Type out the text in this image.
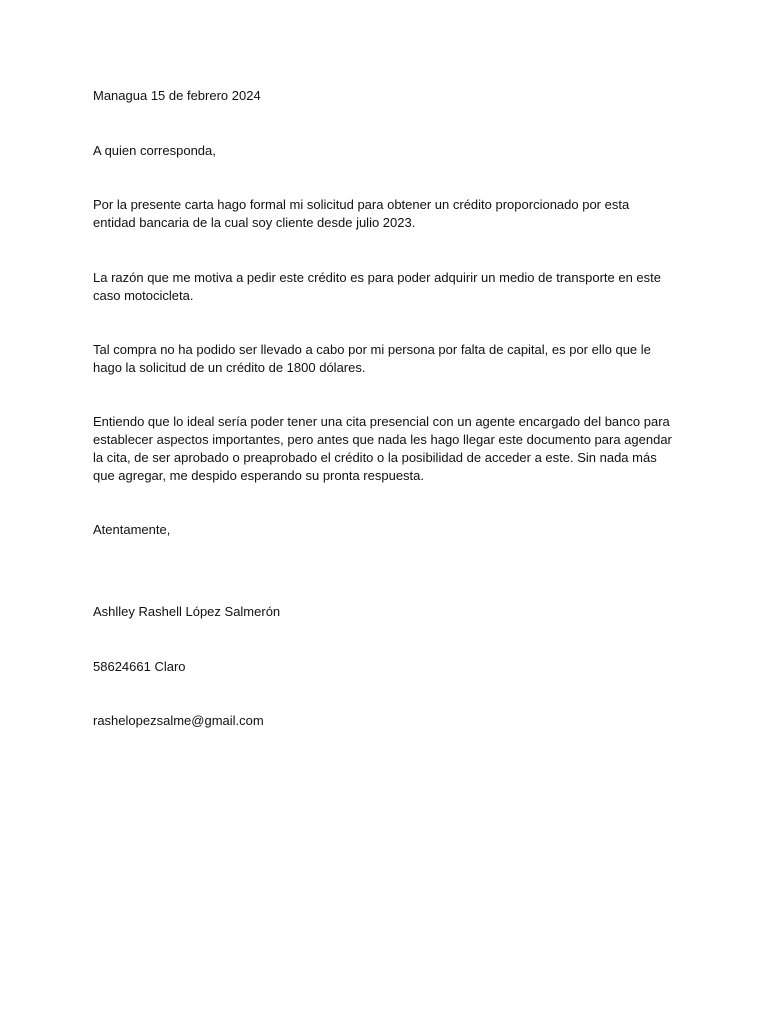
Managua 15 de febrero 2024

A quien corresponda,

Por la presente carta hago formal mi solicitud para obtener un crédito proporcionado por esta
entidad bancaria de la cual soy cliente desde julio 2023.

La razón que me motiva a pedir este crédito es para poder adquirir un medio de transporte en este
caso motocicleta.

Tal compra no ha podido ser llevado a cabo por mi persona por falta de capital, es por ello que le
hago la solicitud de un crédito de 1800 dólares.

Entiendo que lo ideal sería poder tener una cita presencial con un agente encargado del banco para
establecer aspectos importantes, pero antes que nada les hago llegar este documento para agendar
la cita, de ser aprobado o preaprobado el crédito o la posibilidad de acceder a este. Sin nada más
que agregar, me despido esperando su pronta respuesta.

Atentamente,

Ashlley Rashell López Salmerón

58624661 Claro

rashelopezsalme@gmail.com
